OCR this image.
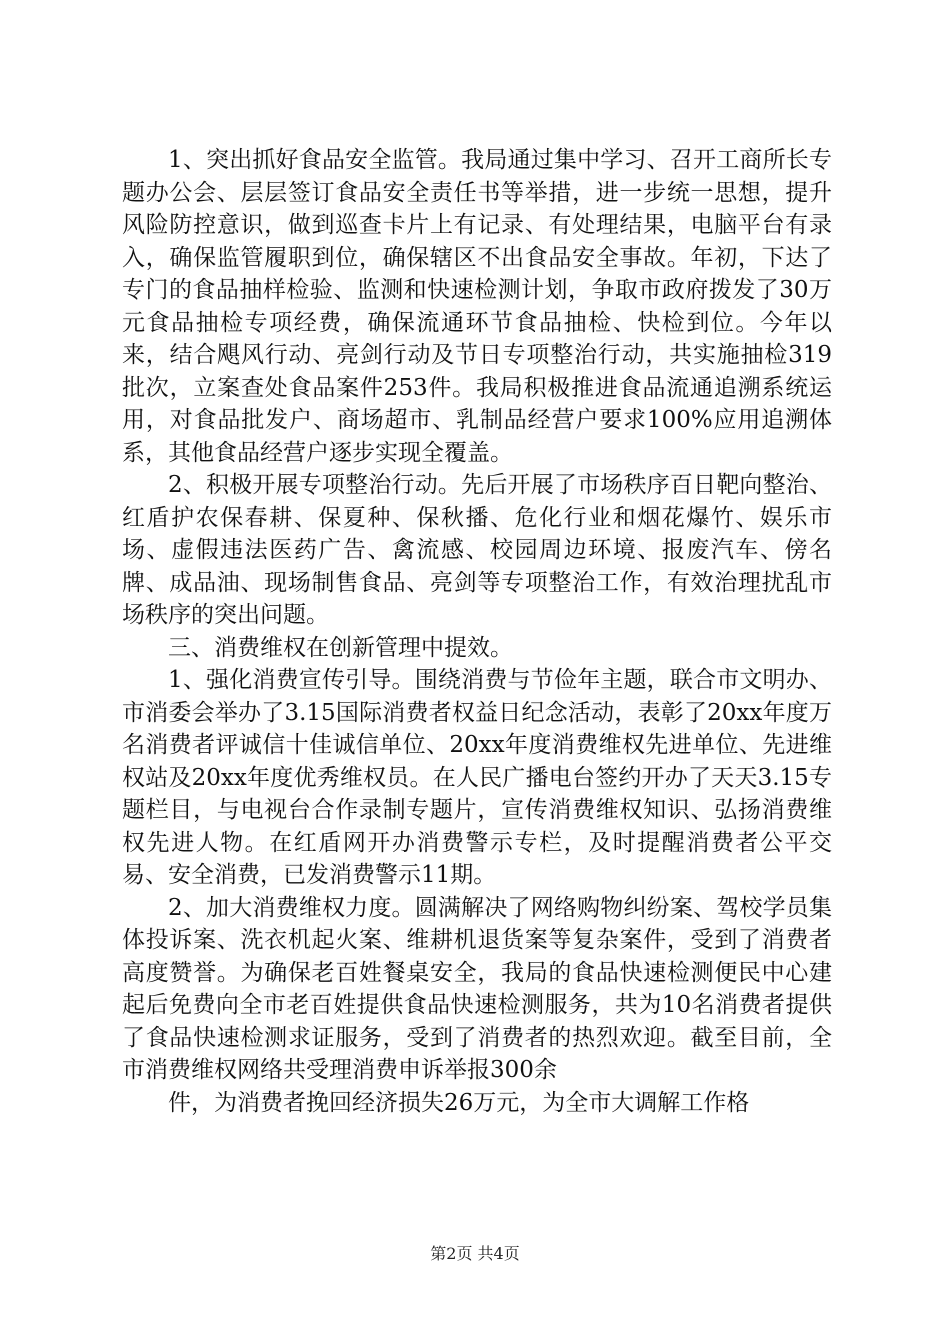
1、突出抓好食品安全监管。我局通过集中学习、召开工商所长专题办公会、层层签订食品安全责任书等举措，进一步统一思想，提升风险防控意识，做到巡查卡片上有记录、有处理结果，电脑平台有录入，确保监管履职到位，确保辖区不出食品安全事故。年初，下达了专门的食品抽样检验、监测和快速检测计划，争取市政府拨发了30万元食品抽检专项经费，确保流通环节食品抽检、快检到位。今年以来，结合飓风行动、亮剑行动及节日专项整治行动，共实施抽检319批次，立案查处食品案件253件。我局积极推进食品流通追溯系统运用，对食品批发户、商场超市、乳制品经营户要求100%应用追溯体系，其他食品经营户逐步实现全覆盖。

2、积极开展专项整治行动。先后开展了市场秩序百日靶向整治、红盾护农保春耕、保夏种、保秋播、危化行业和烟花爆竹、娱乐市场、虚假违法医药广告、禽流感、校园周边环境、报废汽车、傍名牌、成品油、现场制售食品、亮剑等专项整治工作，有效治理扰乱市场秩序的突出问题。

三、消费维权在创新管理中提效。

1、强化消费宣传引导。围绕消费与节俭年主题，联合市文明办、市消委会举办了3.15国际消费者权益日纪念活动，表彰了20xx年度万名消费者评诚信十佳诚信单位、20xx年度消费维权先进单位、先进维权站及20xx年度优秀维权员。在人民广播电台签约开办了天天3.15专题栏目，与电视台合作录制专题片，宣传消费维权知识、弘扬消费维权先进人物。在红盾网开办消费警示专栏，及时提醒消费者公平交易、安全消费，已发消费警示11期。

2、加大消费维权力度。圆满解决了网络购物纠纷案、驾校学员集体投诉案、洗衣机起火案、维耕机退货案等复杂案件，受到了消费者高度赞誉。为确保老百姓餐桌安全，我局的食品快速检测便民中心建起后免费向全市老百姓提供食品快速检测服务，共为10名消费者提供了食品快速检测求证服务，受到了消费者的热烈欢迎。截至目前，全市消费维权网络共受理消费申诉举报300余

件，为消费者挽回经济损失26万元，为全市大调解工作格

第2页 共4页
